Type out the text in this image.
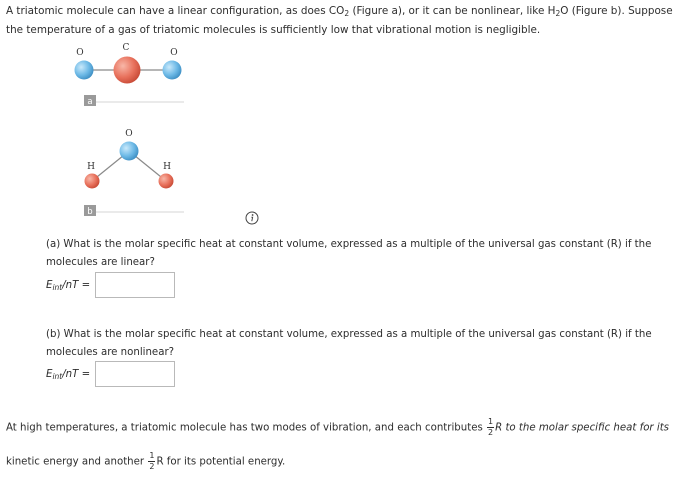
A triatomic molecule can have a linear configuration, as does $CO_2$ (Figure a), or it can be nonlinear, like $H_2O$ (Figure b). Suppose

the temperature of a gas of triatomic molecules is sufficiently low that vibrational motion is negligible.

O	C	O
a
O
H	H
b

(a) What is the molar specific heat at constant volume, expressed as a multiple of the universal gas constant (R) if the molecules are linear?

$E_{int}/nT$ =

(b) What is the molar specific heat at constant volume, expressed as a multiple of the universal gas constant (R) if the molecules are nonlinear?

$E_{int}/nT$ =
At high temperatures, a triatomic molecule has two modes of vibration, and each contributes $\frac{1}{2}$ R to the molar specific heat for its
kinetic energy and another $\frac{1}{2}$ R for its potential energy.
